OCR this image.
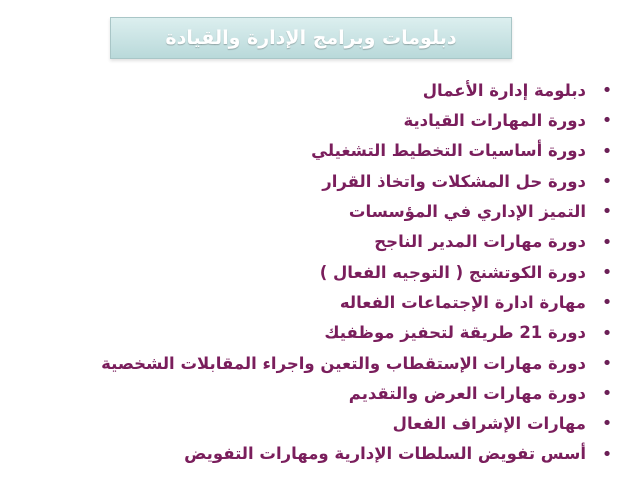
دبلومات وبرامج الإدارة والقيادة
•
دبلومة إدارة الأعمال
•
دورة المهارات القيادية
•
دورة أساسيات التخطيط التشغيلي
•
دورة حل المشكلات واتخاذ القرار
•
التميز الإداري في المؤسسات
•
دورة مهارات المدير الناجح
•
دورة الكوتشنج ( التوجيه الفعال )
•
مهارة ادارة الإجتماعات الفعاله
•
دورة 21 طريقة لتحفيز موظفيك
•
دورة مهارات الإستقطاب والتعين واجراء المقابلات الشخصية
•
دورة مهارات العرض والتقديم
•
مهارات الإشراف الفعال
•
أسس تفويض السلطات الإدارية ومهارات التفويض
